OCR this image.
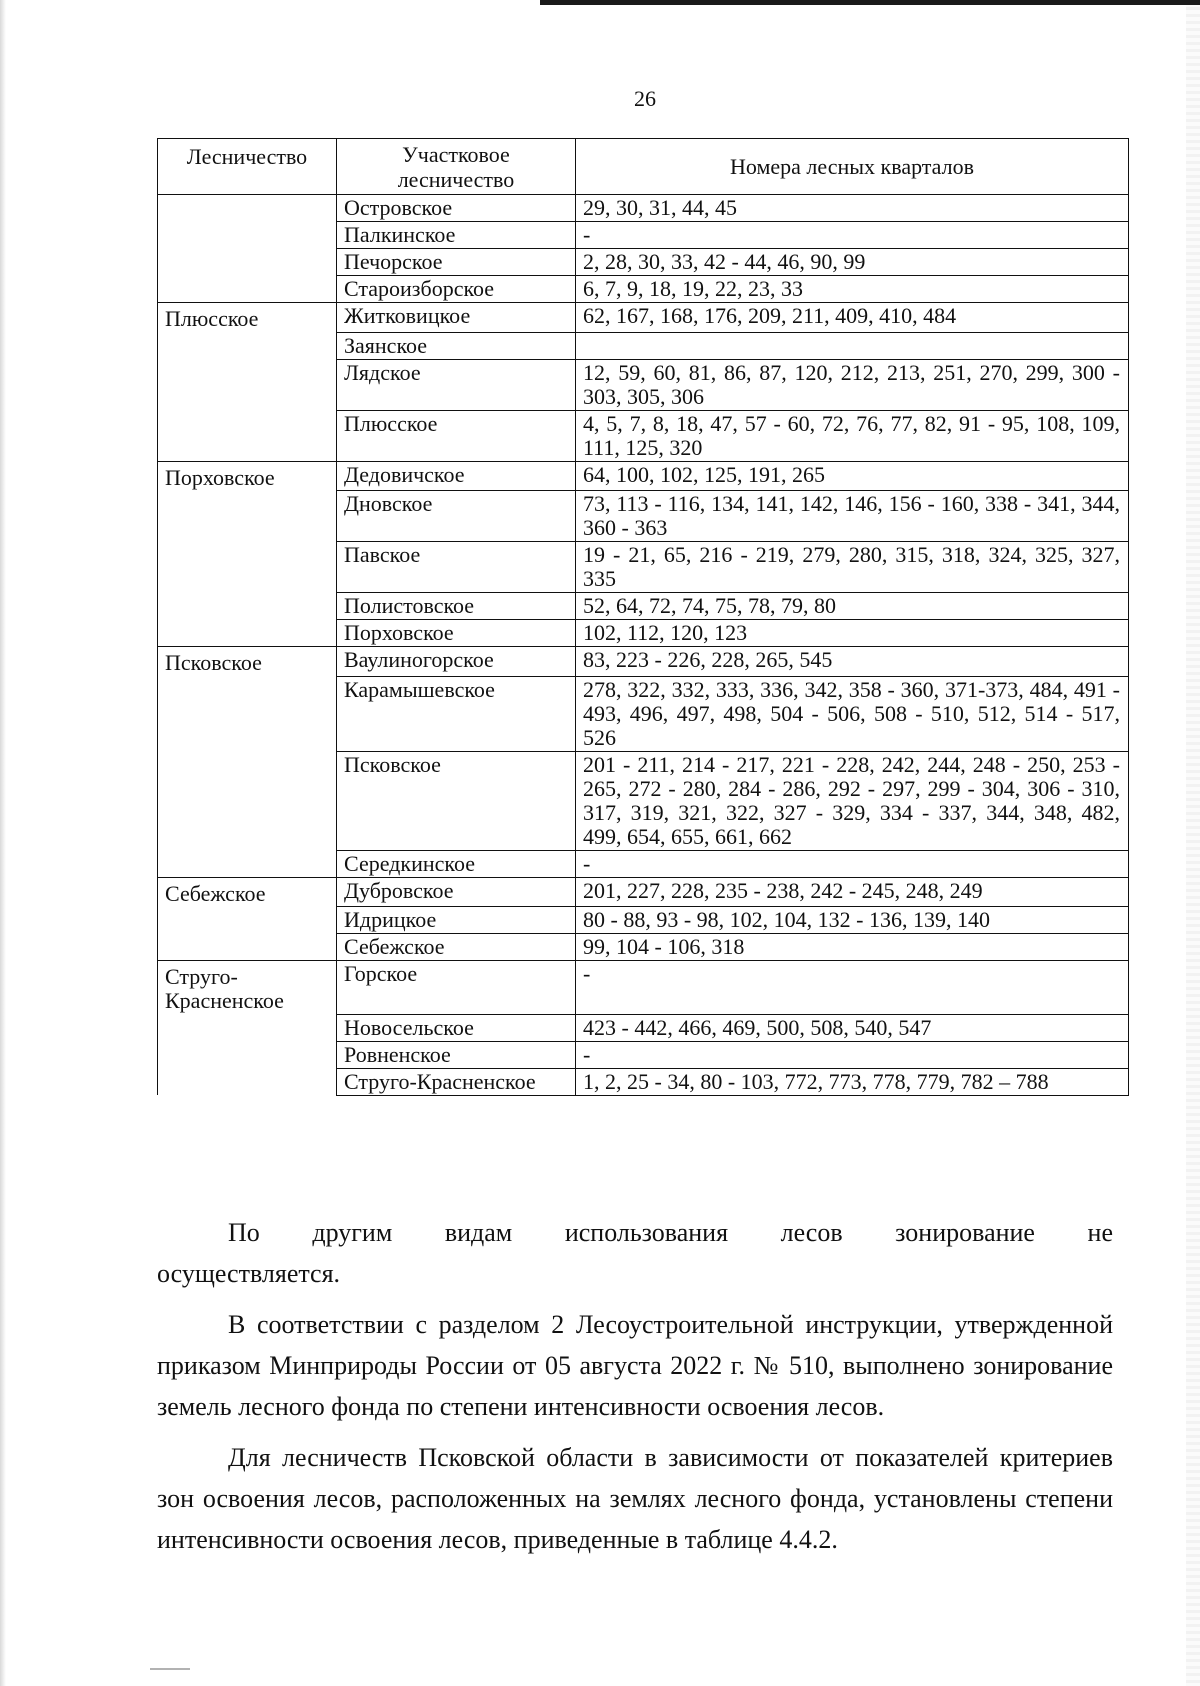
26
Лесничество	Участковое лесничество	Номера лесных кварталов
	Островское	29, 30, 31, 44, 45
	Палкинское	-
	Печорское	2, 28, 30, 33, 42 - 44, 46, 90, 99
	Староизборское	6, 7, 9, 18, 19, 22, 23, 33
Плюсское	Житковицкое	62, 167, 168, 176, 209, 211, 409, 410, 484
	Заянское	
	Лядское	12, 59, 60, 81, 86, 87, 120, 212, 213, 251, 270, 299, 300 - 303, 305, 306
	Плюсское	4, 5, 7, 8, 18, 47, 57 - 60, 72, 76, 77, 82, 91 - 95, 108, 109, 111, 125, 320
Порховское	Дедовичское	64, 100, 102, 125, 191, 265
	Дновское	73, 113 - 116, 134, 141, 142, 146, 156 - 160, 338 - 341, 344, 360 - 363
	Павское	19 - 21, 65, 216 - 219, 279, 280, 315, 318, 324, 325, 327, 335
	Полистовское	52, 64, 72, 74, 75, 78, 79, 80
	Порховское	102, 112, 120, 123
Псковское	Ваулиногорское	83, 223 - 226, 228, 265, 545
	Карамышевское	278, 322, 332, 333, 336, 342, 358 - 360, 371-373, 484, 491 - 493, 496, 497, 498, 504 - 506, 508 - 510, 512, 514 - 517, 526
	Псковское	201 - 211, 214 - 217, 221 - 228, 242, 244, 248 - 250, 253 - 265, 272 - 280, 284 - 286, 292 - 297, 299 - 304, 306 - 310, 317, 319, 321, 322, 327 - 329, 334 - 337, 344, 348, 482, 499, 654, 655, 661, 662
	Середкинское	-
Себежское	Дубровское	201, 227, 228, 235 - 238, 242 - 245, 248, 249
	Идрицкое	80 - 88, 93 - 98, 102, 104, 132 - 136, 139, 140
	Себежское	99, 104 - 106, 318
Струго-Красненское	Горское	-
	Новосельское	423 - 442, 466, 469, 500, 508, 540, 547
	Ровненское	-
	Струго-Красненское	1, 2, 25 - 34, 80 - 103, 772, 773, 778, 779, 782 – 788
По другим видам использования лесов зонирование не осуществляется.
В соответствии с разделом 2 Лесоустроительной инструкции, утвержденной приказом Минприроды России от 05 августа 2022 г. № 510, выполнено зонирование земель лесного фонда по степени интенсивности освоения лесов.
Для лесничеств Псковской области в зависимости от показателей критериев зон освоения лесов, расположенных на землях лесного фонда, установлены степени интенсивности освоения лесов, приведенные в таблице 4.4.2.
